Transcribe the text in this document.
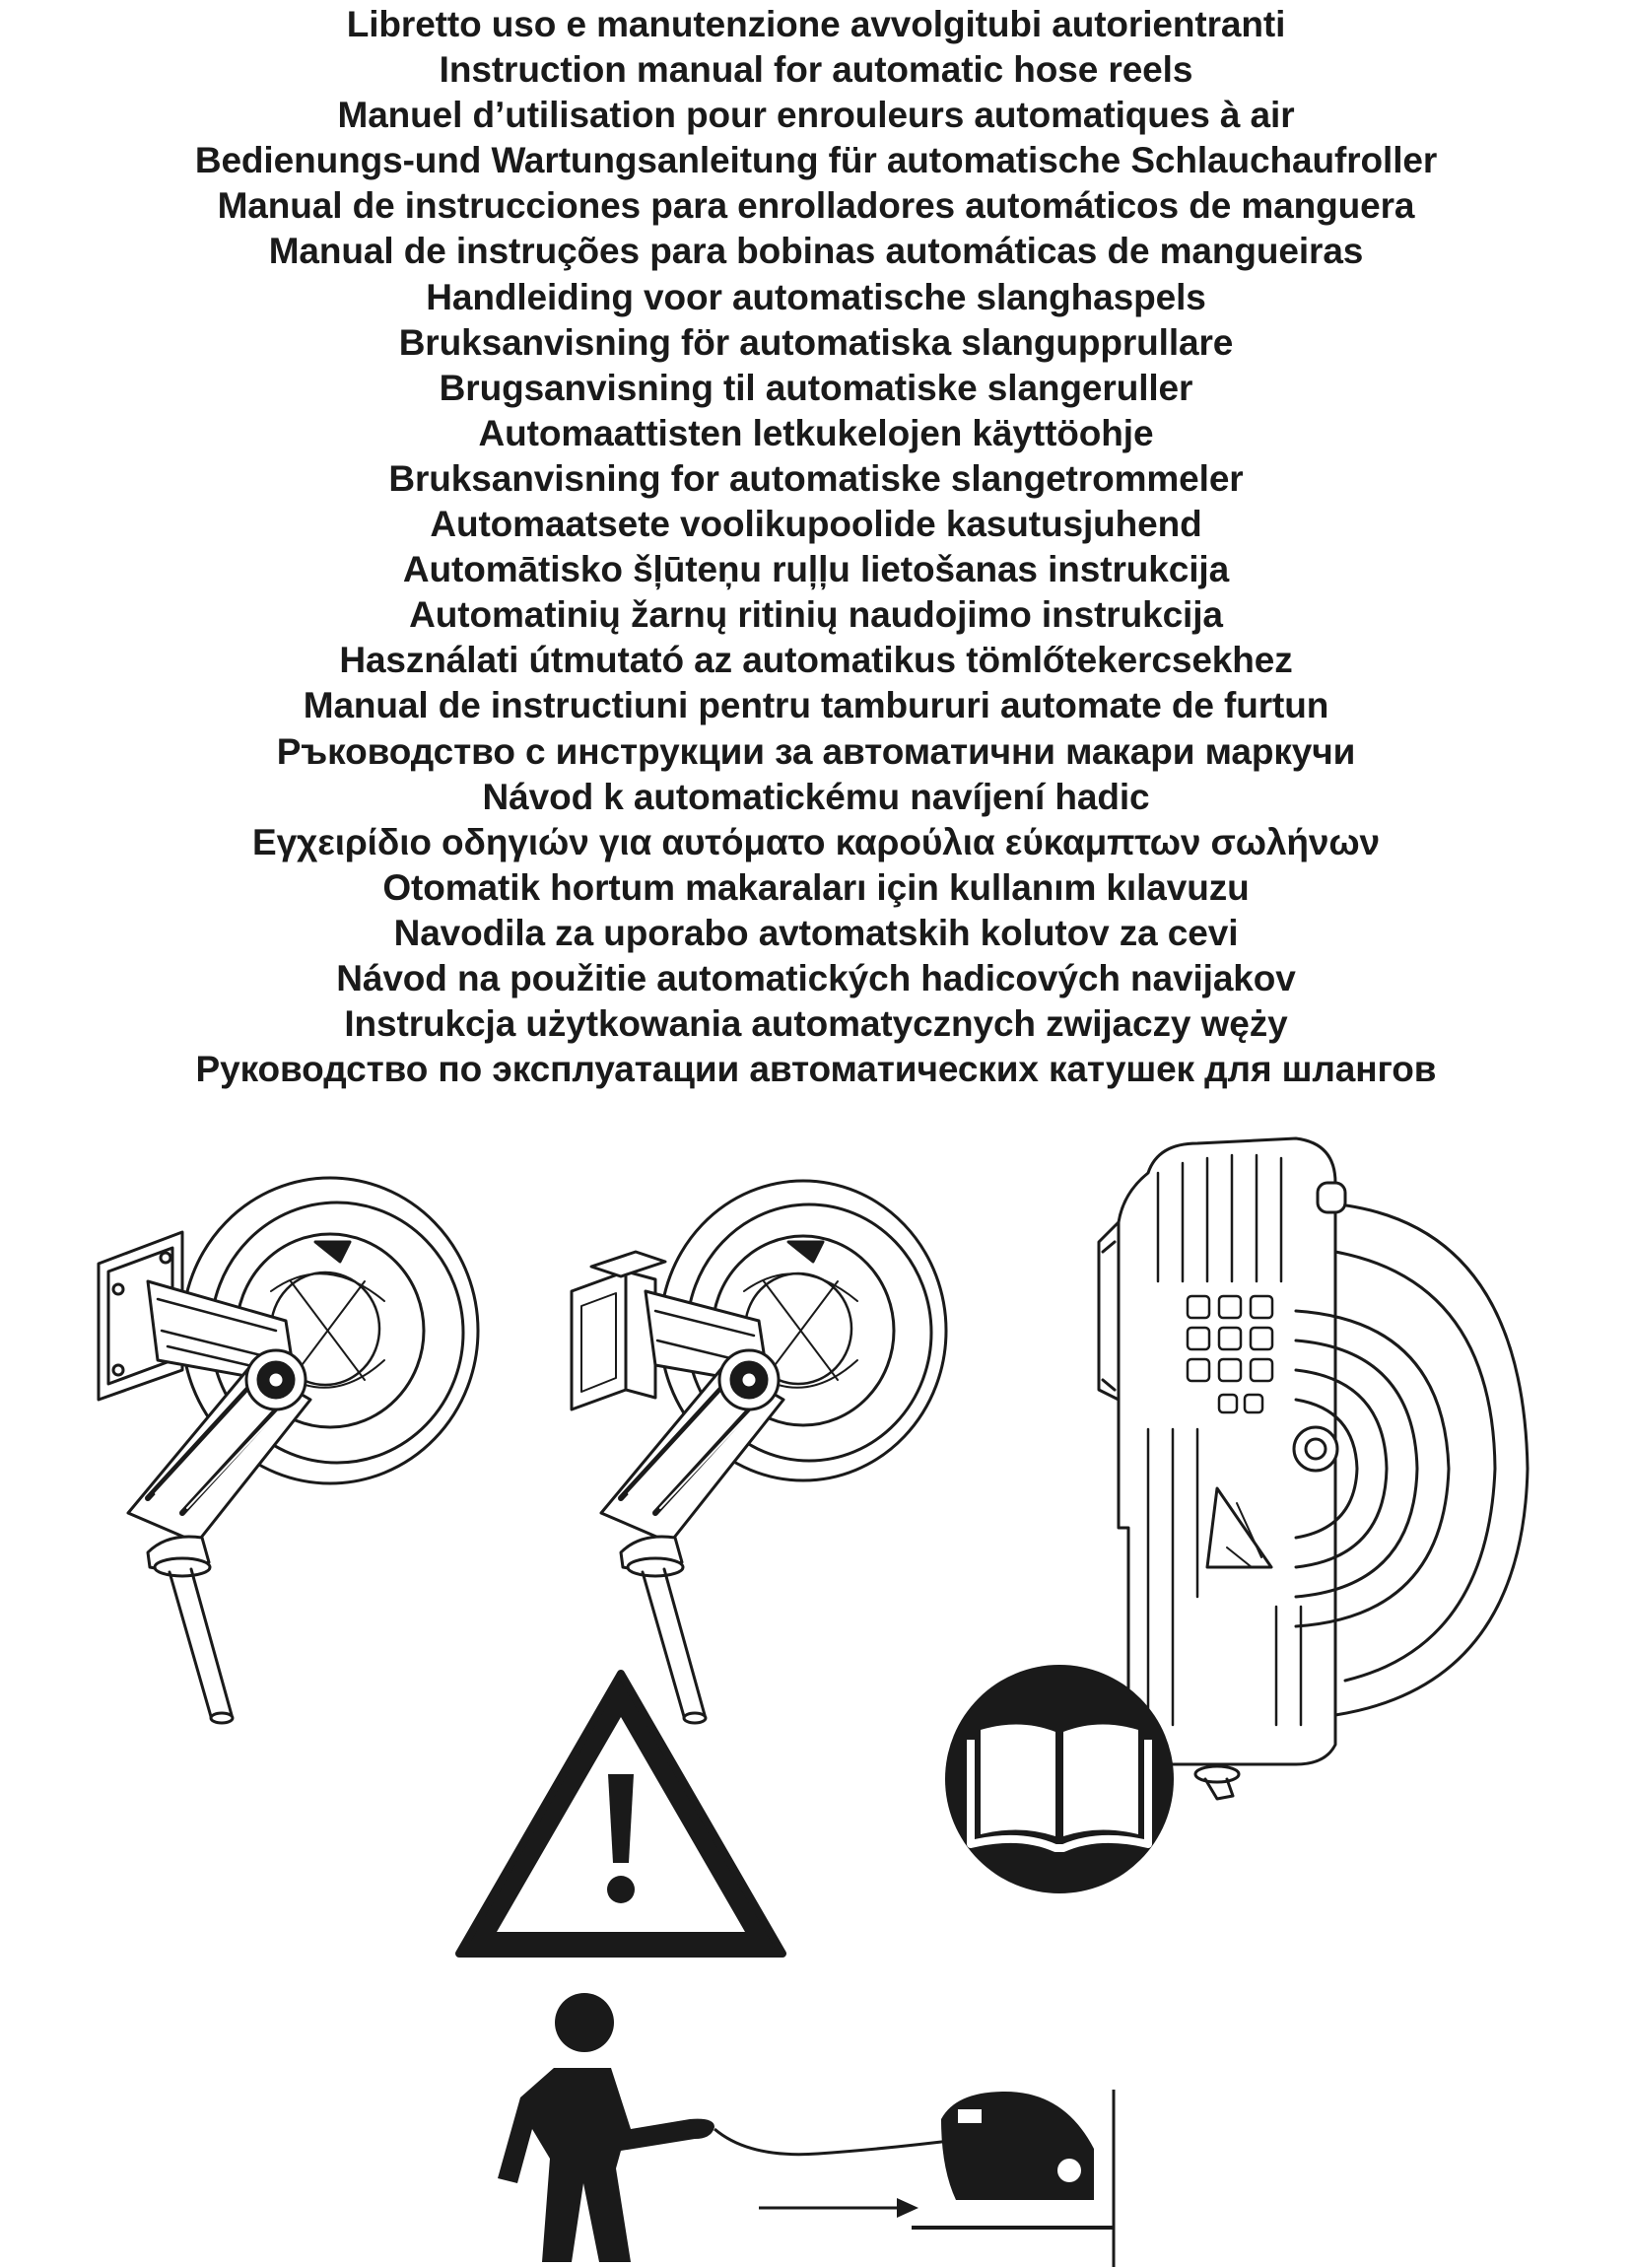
Libretto uso e manutenzione avvolgitubi autorientranti
Instruction manual for automatic hose reels
Manuel d’utilisation pour enrouleurs automatiques à air
Bedienungs-und Wartungsanleitung für automatische Schlauchaufroller
Manual de instrucciones para enrolladores automáticos de manguera
Manual de instruções para bobinas automáticas de mangueiras
Handleiding voor automatische slanghaspels
Bruksanvisning för automatiska slangupprullare
Brugsanvisning til automatiske slangeruller
Automaattisten letkukelojen käyttöohje
Bruksanvisning for automatiske slangetrommeler
Automaatsete voolikupoolide kasutusjuhend
Automātisko šļūteņu ruļļu lietošanas instrukcija
Automatinių žarnų ritinių naudojimo instrukcija
Használati útmutató az automatikus tömlőtekercsekhez
Manual de instructiuni pentru tambururi automate de furtun
Ръководство с инструкции за автоматични макари маркучи
Návod k automatickému navíjení hadic
Εγχειρίδιο οδηγιών για αυτόματο καρούλια εύκαμπτων σωλήνων
Otomatik hortum makaraları için kullanım kılavuzu
Navodila za uporabo avtomatskih kolutov za cevi
Návod na použitie automatických hadicových navijakov
Instrukcja użytkowania automatycznych zwijaczy węży
Руководство по эксплуатации автоматических катушек для шлангов
